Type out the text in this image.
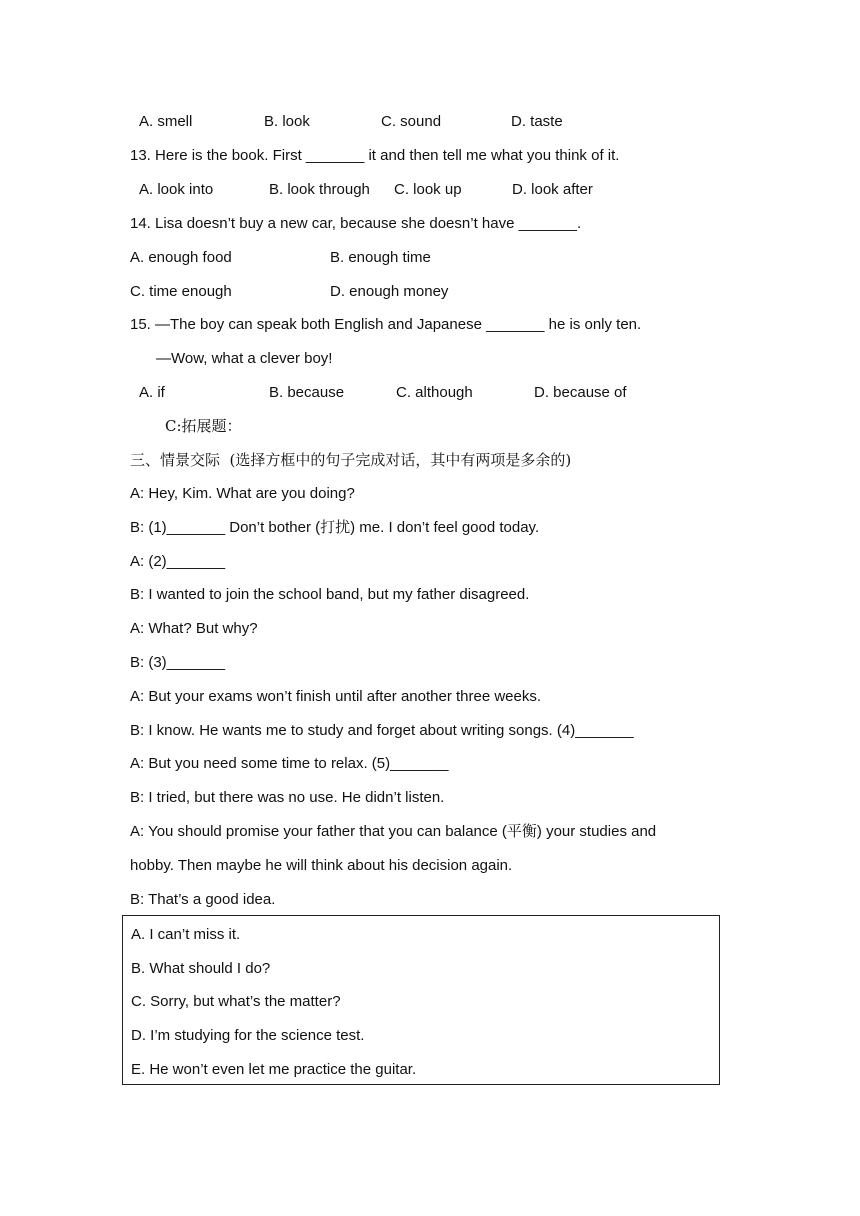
A. smell	B. look	C. sound	D. taste
13. Here is the book. First _______ it and then tell me what you think of it.
A. look into	B. look through C. look up	D. look after
14. Lisa doesn’t buy a new car, because she doesn’t have _______.
A. enough food	B. enough time
C. time enough	D. enough money
15. —The boy can speak both English and Japanese _______ he is only ten.
—Wow, what a clever boy!
A. if	B. because	C. although	D. because of
C:拓展题：
三、情景交际  (选择方框中的句子完成对话，其中有两项是多余的)
A: Hey, Kim. What are you doing?
B: (1)_______ Don’t bother (打扰) me. I don’t feel good today.
A: (2)_______
B: I wanted to join the school band, but my father disagreed.
A: What? But why?
B: (3)_______
A: But your exams won’t finish until after another three weeks.
B: I know. He wants me to study and forget about writing songs. (4)_______
A: But you need some time to relax. (5)_______
B: I tried, but there was no use. He didn’t listen.
A: You should promise your father that you can balance (平衡) your studies and
hobby. Then maybe he will think about his decision again.
B: That’s a good idea.
A. I can’t miss it.
B. What should I do?
C. Sorry, but what’s the matter?
D. I’m studying for the science test.
E. He won’t even let me practice the guitar.
